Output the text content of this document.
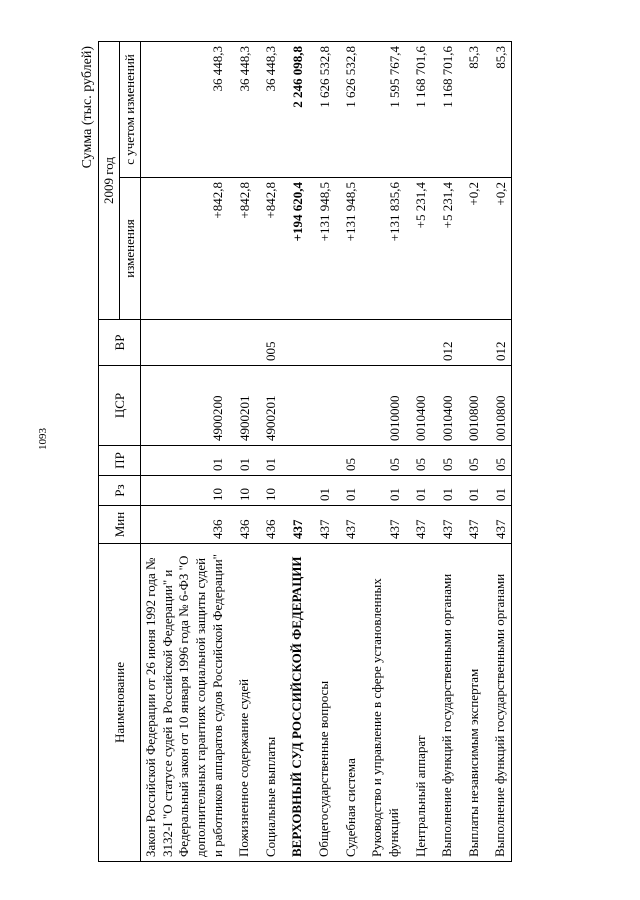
1093
Сумма (тыс. рублей)
Наименование	Мин	Рз	ПР	ЦСР	ВР	2009 год	
						изменения	с учетом изменений
Закон Российской Федерации от 26 июня 1992 года № 3132-I "О статусе судей в Российской Федерации" и Федеральный закон от 10 января 1996 года № 6-ФЗ "О дополнительных гарантиях социальной защиты судей и работников аппаратов судов Российской Федерации"	436	10	01	4900200		+842,8	36 448,3
Пожизненное содержание судей	436	10	01	4900201		+842,8	36 448,3
Социальные выплаты	436	10	01	4900201	005	+842,8	36 448,3
ВЕРХОВНЫЙ СУД РОССИЙСКОЙ ФЕДЕРАЦИИ	437					+194 620,4	2 246 098,8
Общегосударственные вопросы	437	01				+131 948,5	1 626 532,8
Судебная система	437	01	05			+131 948,5	1 626 532,8
Руководство и управление в сфере установленных функций	437	01	05	0010000		+131 835,6	1 595 767,4
Центральный аппарат	437	01	05	0010400		+5 231,4	1 168 701,6
Выполнение функций государственными органами	437	01	05	0010400	012	+5 231,4	1 168 701,6
Выплаты независимым экспертам	437	01	05	0010800		+0,2	85,3
Выполнение функций государственными органами	437	01	05	0010800	012	+0,2	85,3
